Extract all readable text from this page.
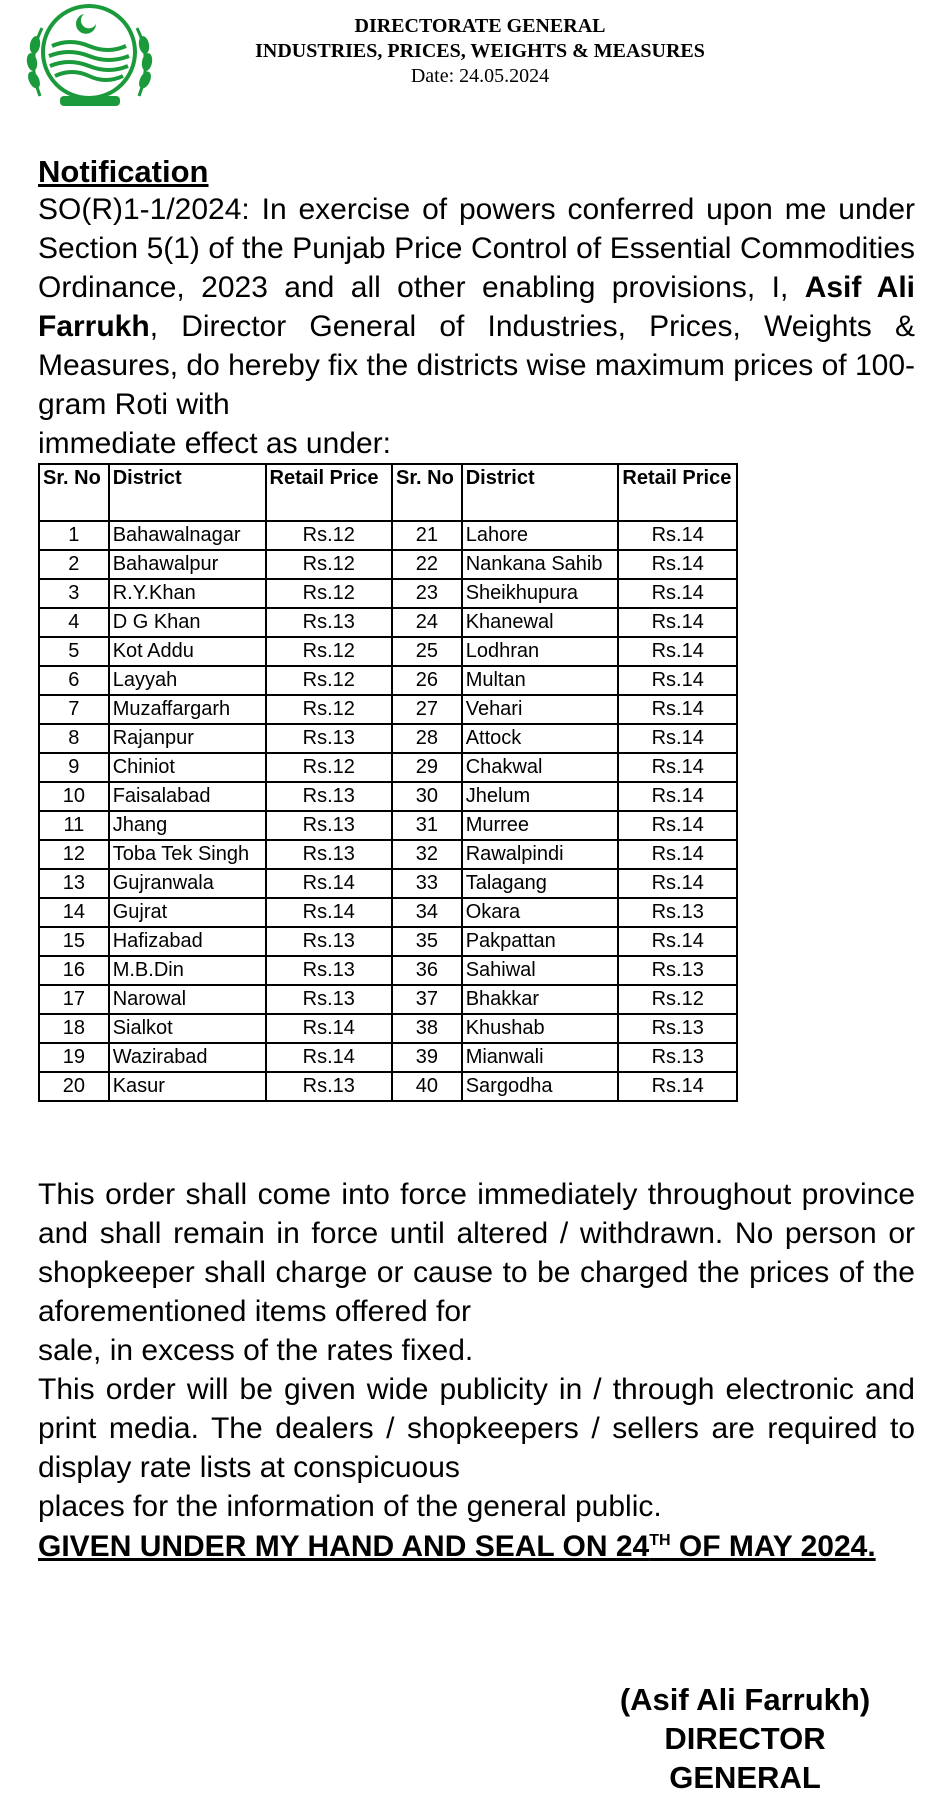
DIRECTORATE GENERAL
INDUSTRIES, PRICES, WEIGHTS & MEASURES
Date: 24.05.2024
Notification
SO(R)1-1/2024: In exercise of powers conferred upon me under Section 5(1) of the Punjab Price Control of Essential Commodities Ordinance, 2023 and all other enabling provisions, I, Asif Ali Farrukh, Director General of Industries, Prices, Weights & Measures, do hereby fix the districts wise maximum prices of 100-gram Roti with
immediate effect as under:
Sr. No	District	Retail Price	Sr. No	District	Retail Price
1	Bahawalnagar	Rs.12	21	Lahore	Rs.14
2	Bahawalpur	Rs.12	22	Nankana Sahib	Rs.14
3	R.Y.Khan	Rs.12	23	Sheikhupura	Rs.14
4	D G Khan	Rs.13	24	Khanewal	Rs.14
5	Kot Addu	Rs.12	25	Lodhran	Rs.14
6	Layyah	Rs.12	26	Multan	Rs.14
7	Muzaffargarh	Rs.12	27	Vehari	Rs.14
8	Rajanpur	Rs.13	28	Attock	Rs.14
9	Chiniot	Rs.12	29	Chakwal	Rs.14
10	Faisalabad	Rs.13	30	Jhelum	Rs.14
11	Jhang	Rs.13	31	Murree	Rs.14
12	Toba Tek Singh	Rs.13	32	Rawalpindi	Rs.14
13	Gujranwala	Rs.14	33	Talagang	Rs.14
14	Gujrat	Rs.14	34	Okara	Rs.13
15	Hafizabad	Rs.13	35	Pakpattan	Rs.14
16	M.B.Din	Rs.13	36	Sahiwal	Rs.13
17	Narowal	Rs.13	37	Bhakkar	Rs.12
18	Sialkot	Rs.14	38	Khushab	Rs.13
19	Wazirabad	Rs.14	39	Mianwali	Rs.13
20	Kasur	Rs.13	40	Sargodha	Rs.14
This order shall come into force immediately throughout province and shall remain in force until altered / withdrawn. No person or shopkeeper shall charge or cause to be charged the prices of the aforementioned items offered for
sale, in excess of the rates fixed.
This order will be given wide publicity in / through electronic and print media. The dealers / shopkeepers / sellers are required to display rate lists at conspicuous
places for the information of the general public.
GIVEN UNDER MY HAND AND SEAL ON 24TH OF MAY 2024.
(Asif Ali Farrukh)
DIRECTOR
GENERAL
